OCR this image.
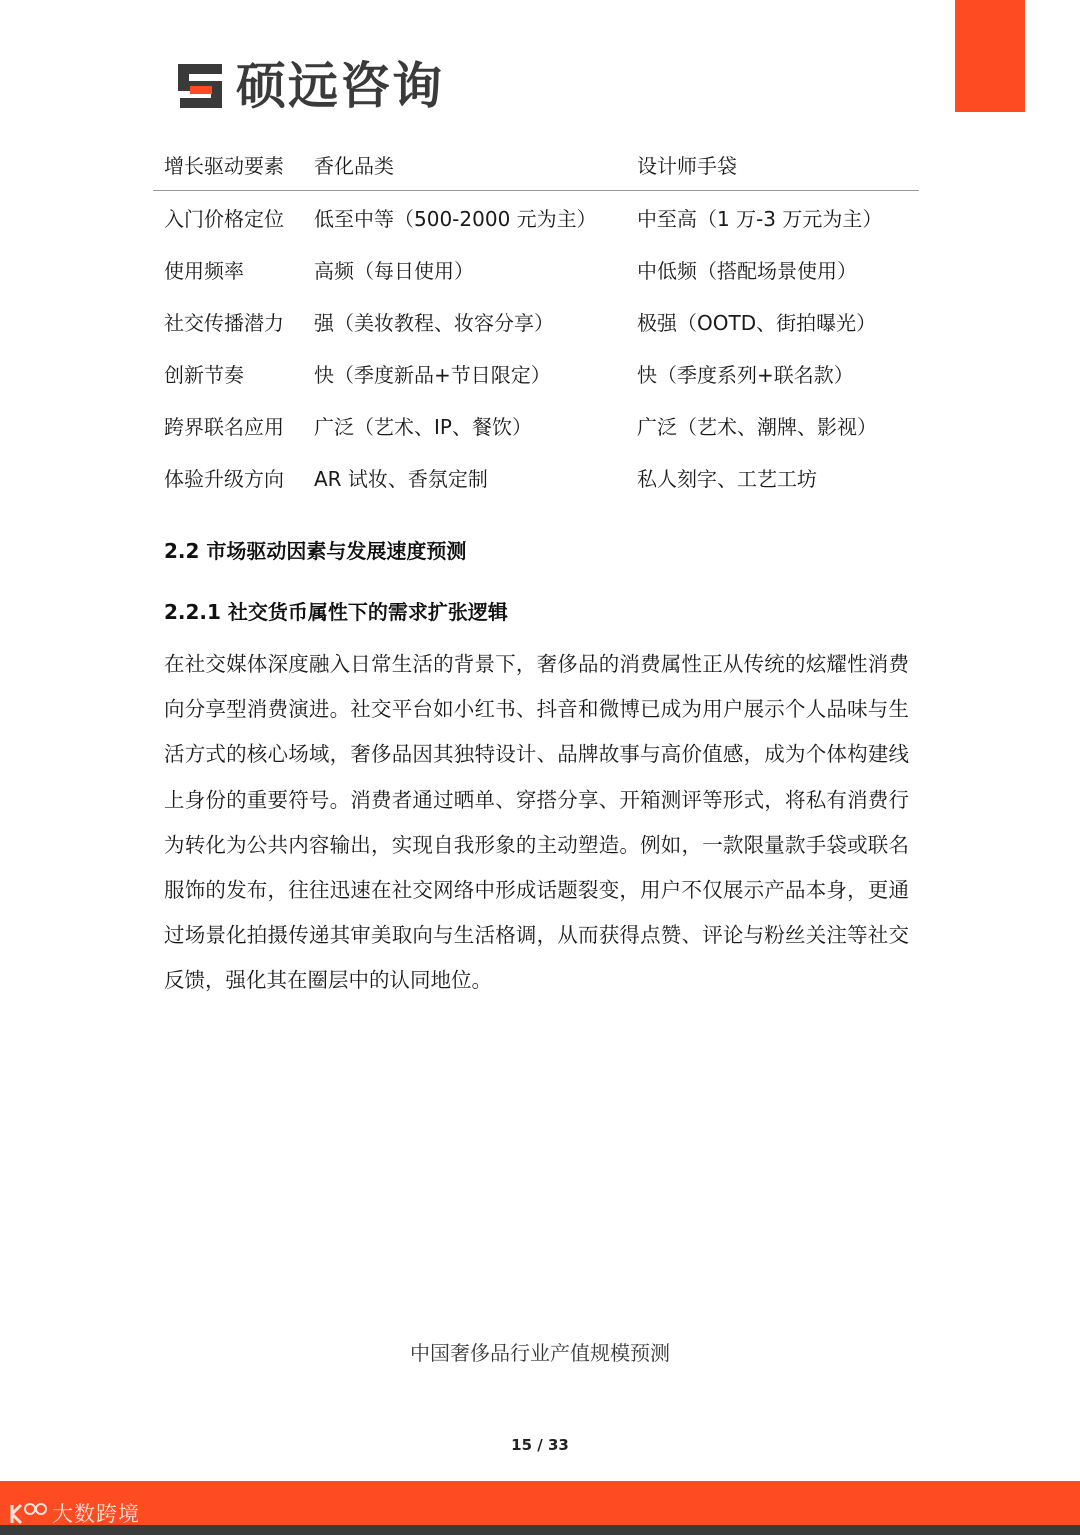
硕远咨询
增长驱动要素	香化品类	设计师手袋
入门价格定位	低至中等（500-2000 元为主）	中至高（1 万-3 万元为主）
使用频率	高频（每日使用）	中低频（搭配场景使用）
社交传播潜力	强（美妆教程、妆容分享）	极强（OOTD、街拍曝光）
创新节奏	快（季度新品+节日限定）	快（季度系列+联名款）
跨界联名应用	广泛（艺术、IP、餐饮）	广泛（艺术、潮牌、影视）
体验升级方向	AR 试妆、香氛定制	私人刻字、工艺工坊
2.2 市场驱动因素与发展速度预测
2.2.1 社交货币属性下的需求扩张逻辑

在社交媒体深度融入日常生活的背景下，奢侈品的消费属性正从传统的炫耀性消费向分享型消费演进。社交平台如小红书、抖音和微博已成为用户展示个人品味与生活方式的核心场域，奢侈品因其独特设计、品牌故事与高价值感，成为个体构建线上身份的重要符号。消费者通过晒单、穿搭分享、开箱测评等形式，将私有消费行为转化为公共内容输出，实现自我形象的主动塑造。例如，一款限量款手袋或联名服饰的发布，往往迅速在社交网络中形成话题裂变，用户不仅展示产品本身，更通过场景化拍摄传递其审美取向与生活格调，从而获得点赞、评论与粉丝关注等社交反馈，强化其在圈层中的认同地位。

中国奢侈品行业产值规模预测
15 / 33
大数跨境
